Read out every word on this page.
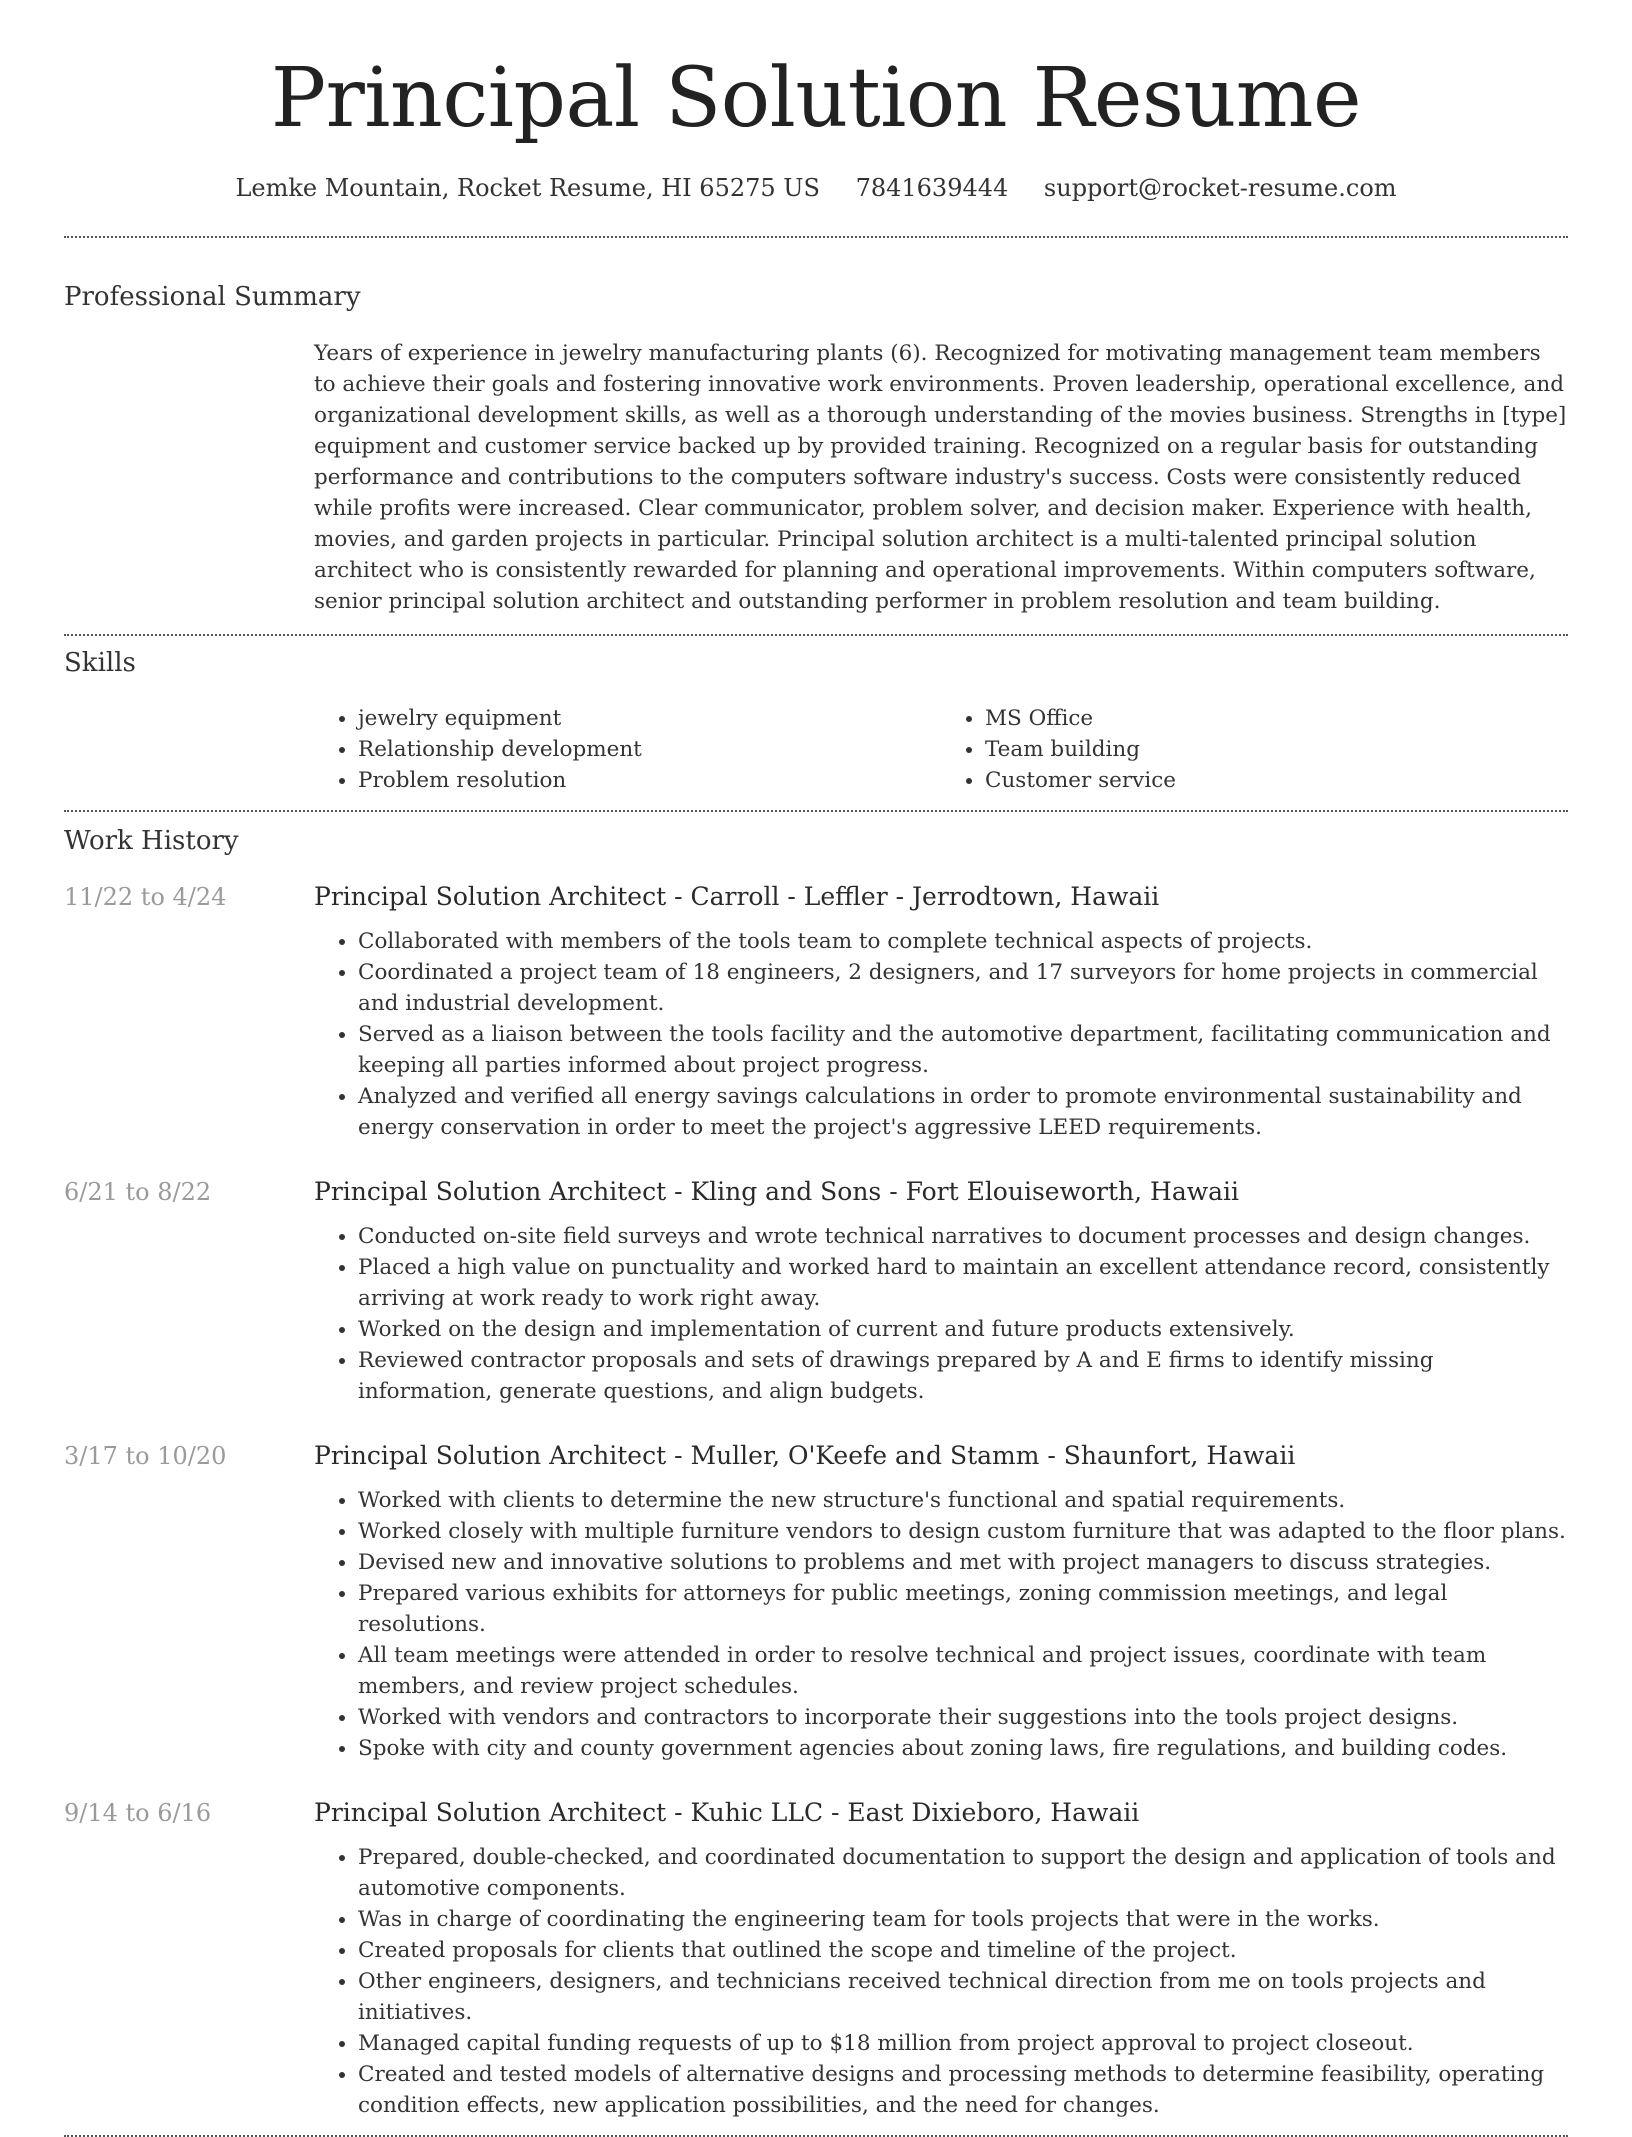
Principal Solution Resume
Lemke Mountain, Rocket Resume, HI 65275 US 7841639444 support@rocket-resume.com
Professional Summary

Years of experience in jewelry manufacturing plants (6). Recognized for motivating management team members to achieve their goals and fostering innovative work environments. Proven leadership, operational excellence, and organizational development skills, as well as a thorough understanding of the movies business. Strengths in [type] equipment and customer service backed up by provided training. Recognized on a regular basis for outstanding performance and contributions to the computers software industry's success. Costs were consistently reduced while profits were increased. Clear communicator, problem solver, and decision maker. Experience with health, movies, and garden projects in particular. Principal solution architect is a multi-talented principal solution architect who is consistently rewarded for planning and operational improvements. Within computers software, senior principal solution architect and outstanding performer in problem resolution and team building.

Skills
• jewelry equipment
• Relationship development
• Problem resolution
• MS Office
• Team building
• Customer service
Work History
11/22 to 4/24	Principal Solution Architect - Carroll - Leffler - Jerrodtown, Hawaii
• Collaborated with members of the tools team to complete technical aspects of projects.
• Coordinated a project team of 18 engineers, 2 designers, and 17 surveyors for home projects in commercial and industrial development.
• Served as a liaison between the tools facility and the automotive department, facilitating communication and keeping all parties informed about project progress.
• Analyzed and verified all energy savings calculations in order to promote environmental sustainability and energy conservation in order to meet the project's aggressive LEED requirements.
6/21 to 8/22	Principal Solution Architect - Kling and Sons - Fort Elouiseworth, Hawaii
• Conducted on-site field surveys and wrote technical narratives to document processes and design changes.
• Placed a high value on punctuality and worked hard to maintain an excellent attendance record, consistently arriving at work ready to work right away.
• Worked on the design and implementation of current and future products extensively.
• Reviewed contractor proposals and sets of drawings prepared by A and E firms to identify missing information, generate questions, and align budgets.
3/17 to 10/20	Principal Solution Architect - Muller, O'Keefe and Stamm - Shaunfort, Hawaii
• Worked with clients to determine the new structure's functional and spatial requirements.
• Worked closely with multiple furniture vendors to design custom furniture that was adapted to the floor plans.
• Devised new and innovative solutions to problems and met with project managers to discuss strategies.
• Prepared various exhibits for attorneys for public meetings, zoning commission meetings, and legal resolutions.
• All team meetings were attended in order to resolve technical and project issues, coordinate with team members, and review project schedules.
• Worked with vendors and contractors to incorporate their suggestions into the tools project designs.
• Spoke with city and county government agencies about zoning laws, fire regulations, and building codes.
9/14 to 6/16	Principal Solution Architect - Kuhic LLC - East Dixieboro, Hawaii
• Prepared, double-checked, and coordinated documentation to support the design and application of tools and automotive components.
• Was in charge of coordinating the engineering team for tools projects that were in the works.
• Created proposals for clients that outlined the scope and timeline of the project.
• Other engineers, designers, and technicians received technical direction from me on tools projects and initiatives.
• Managed capital funding requests of up to $18 million from project approval to project closeout.
• Created and tested models of alternative designs and processing methods to determine feasibility, operating condition effects, new application possibilities, and the need for changes.
